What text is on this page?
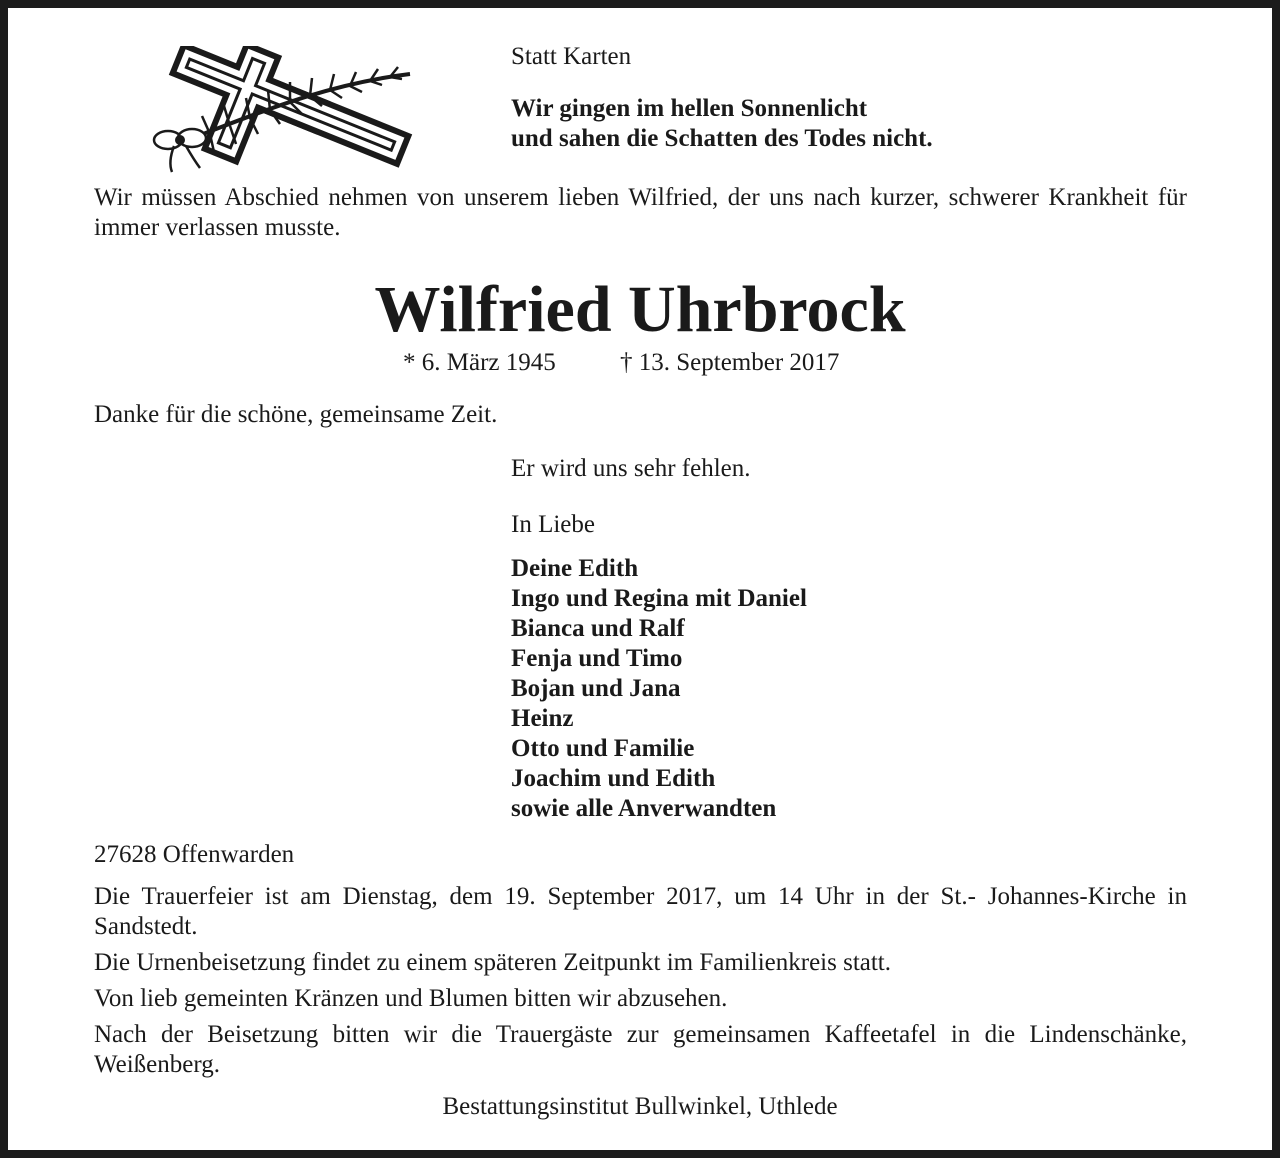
Statt Karten

Wir gingen im hellen Sonnenlicht

und sahen die Schatten des Todes nicht.

Wir müssen Abschied nehmen von unserem lieben Wilfried, der uns nach kurzer, schwerer Krankheit für immer verlassen musste.

Wilfried Uhrbrock

* 6. März 1945	† 13. September 2017

Danke für die schöne, gemeinsame Zeit.

Er wird uns sehr fehlen.

In Liebe

Deine Edith
Ingo und Regina mit Daniel
Bianca und Ralf
Fenja und Timo
Bojan und Jana
Heinz
Otto und Familie
Joachim und Edith
sowie alle Anverwandten

27628 Offenwarden

Die Trauerfeier ist am Dienstag, dem 19. September 2017, um 14 Uhr in der St.- Johannes-Kirche in Sandstedt.

Die Urnenbeisetzung findet zu einem späteren Zeitpunkt im Familienkreis statt.

Von lieb gemeinten Kränzen und Blumen bitten wir abzusehen.

Nach der Beisetzung bitten wir die Trauergäste zur gemeinsamen Kaffeetafel in die Lindenschänke, Weißenberg.

Bestattungsinstitut Bullwinkel, Uthlede
